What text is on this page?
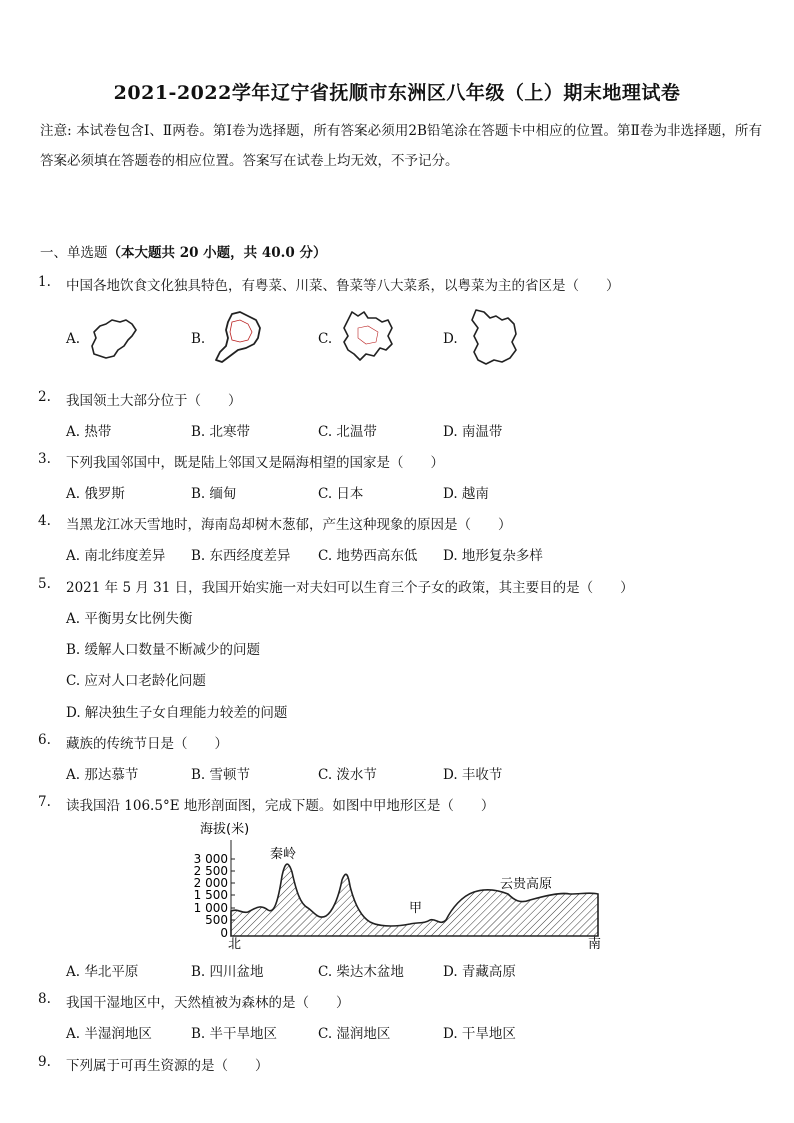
2021-2022学年辽宁省抚顺市东洲区八年级（上）期末地理试卷
注意: 本试卷包含Ⅰ、Ⅱ两卷。第Ⅰ卷为选择题，所有答案必须用2B铅笔涂在答题卡中相应的位置。第Ⅱ卷为非选择题，所有答案必须填在答题卷的相应位置。答案写在试卷上均无效，不予记分。
一、单选题（本大题共 20 小题，共 40.0 分）
1.	中国各地饮食文化独具特色，有粤菜、川菜、鲁菜等八大菜系，以粤菜为主的省区是（　　）
A.	B.	C.	D.
2.	我国领土大部分位于（　　）
A. 热带	B. 北寒带	C. 北温带	D. 南温带
3.	下列我国邻国中，既是陆上邻国又是隔海相望的国家是（　　）
A. 俄罗斯	B. 缅甸	C. 日本	D. 越南
4.	当黑龙江冰天雪地时，海南岛却树木葱郁，产生这种现象的原因是（　　）
A. 南北纬度差异 B. 东西经度差异 C. 地势西高东低 D. 地形复杂多样
5.	2021 年 5 月 31 日，我国开始实施一对夫妇可以生育三个子女的政策，其主要目的是（　　）
A. 平衡男女比例失衡
B. 缓解人口数量不断减少的问题
C. 应对人口老龄化问题
D. 解决独生子女自理能力较差的问题
6.	藏族的传统节日是（　　）
A. 那达慕节	B. 雪顿节	C. 泼水节	D. 丰收节
7.	读我国沿 106.5°E 地形剖面图，完成下题。如图中甲地形区是（　　）
海拔(米)
3 000
2 500
2 000
1 500
1 000
500
0
秦岭
甲
云贵高原
北	南
A. 华北平原	B. 四川盆地	C. 柴达木盆地	D. 青藏高原
8.	我国干湿地区中，天然植被为森林的是（　　）
A. 半湿润地区	B. 半干旱地区	C. 湿润地区	D. 干旱地区
9.	下列属于可再生资源的是（　　）
